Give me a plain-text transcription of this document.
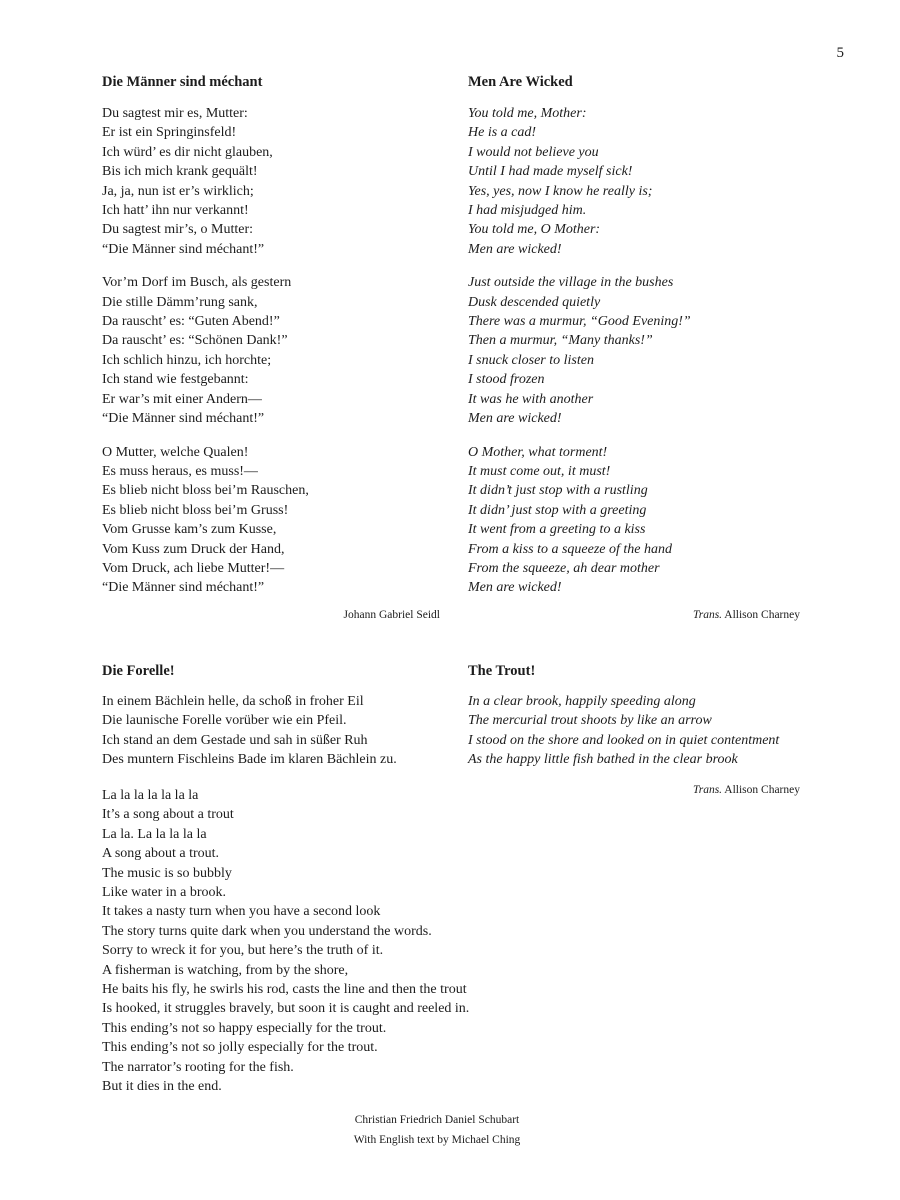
5
Die Männer sind méchant
Du sagtest mir es, Mutter:
Er ist ein Springinsfeld!
Ich würd’ es dir nicht glauben,
Bis ich mich krank gequält!
Ja, ja, nun ist er’s wirklich;
Ich hatt’ ihn nur verkannt!
Du sagtest mir’s, o Mutter:
“Die Männer sind méchant!”
Vor’m Dorf im Busch, als gestern
Die stille Dämm’rung sank,
Da rauscht’ es: “Guten Abend!”
Da rauscht’ es: “Schönen Dank!”
Ich schlich hinzu, ich horchte;
Ich stand wie festgebannt:
Er war’s mit einer Andern—
“Die Männer sind méchant!”
O Mutter, welche Qualen!
Es muss heraus, es muss!—
Es blieb nicht bloss bei’m Rauschen,
Es blieb nicht bloss bei’m Gruss!
Vom Grusse kam’s zum Kusse,
Vom Kuss zum Druck der Hand,
Vom Druck, ach liebe Mutter!—
“Die Männer sind méchant!”
Men Are Wicked
You told me, Mother:
He is a cad!
I would not believe you
Until I had made myself sick!
Yes, yes, now I know he really is;
I had misjudged him.
You told me, O Mother:
Men are wicked!
Just outside the village in the bushes
Dusk descended quietly
There was a murmur, “Good Evening!”
Then a murmur, “Many thanks!”
I snuck closer to listen
I stood frozen
It was he with another
Men are wicked!
O Mother, what torment!
It must come out, it must!
It didn’t just stop with a rustling
It didn’ just stop with a greeting
It went from a greeting to a kiss
From a kiss to a squeeze of the hand
From the squeeze, ah dear mother
Men are wicked!
Johann Gabriel Seidl	Trans. Allison Charney
Die Forelle!
In einem Bächlein helle, da schoß in froher Eil
Die launische Forelle vorüber wie ein Pfeil.
Ich stand an dem Gestade und sah in süßer Ruh
Des muntern Fischleins Bade im klaren Bächlein zu.
The Trout!
In a clear brook, happily speeding along
The mercurial trout shoots by like an arrow
I stood on the shore and looked on in quiet contentment
As the happy little fish bathed in the clear brook
Trans. Allison Charney
La la la la la la la
It’s a song about a trout
La la. La la la la la
A song about a trout.
The music is so bubbly
Like water in a brook.
It takes a nasty turn when you have a second look
The story turns quite dark when you understand the words.
Sorry to wreck it for you, but here’s the truth of it.
A fisherman is watching, from by the shore,
He baits his fly, he swirls his rod, casts the line and then the trout
Is hooked, it struggles bravely, but soon it is caught and reeled in.
This ending’s not so happy especially for the trout.
This ending’s not so jolly especially for the trout.
The narrator’s rooting for the fish.
But it dies in the end.
Christian Friedrich Daniel Schubart
With English text by Michael Ching
